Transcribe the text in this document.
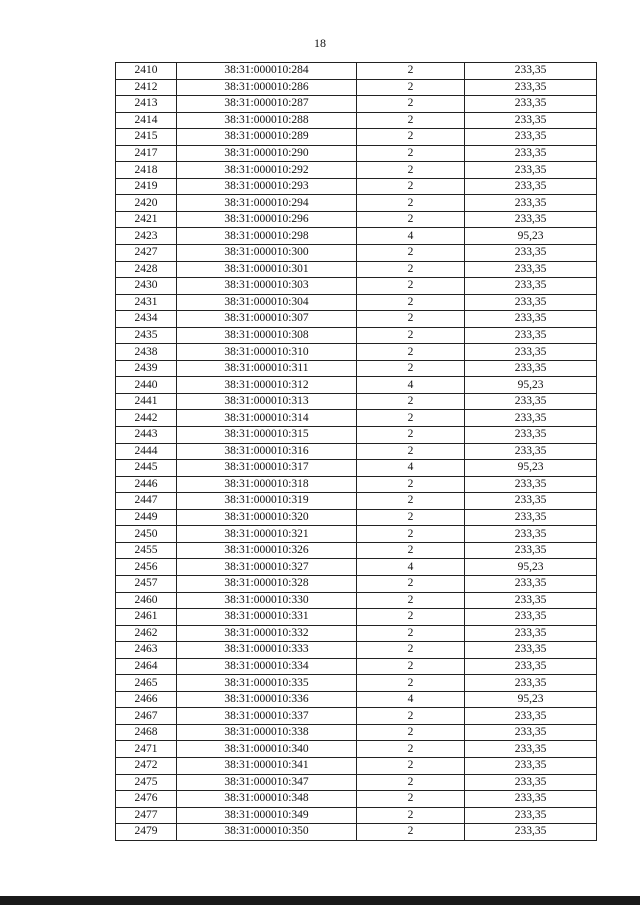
18
2410	38:31:000010:284	2	233,35
2412	38:31:000010:286	2	233,35
2413	38:31:000010:287	2	233,35
2414	38:31:000010:288	2	233,35
2415	38:31:000010:289	2	233,35
2417	38:31:000010:290	2	233,35
2418	38:31:000010:292	2	233,35
2419	38:31:000010:293	2	233,35
2420	38:31:000010:294	2	233,35
2421	38:31:000010:296	2	233,35
2423	38:31:000010:298	4	95,23
2427	38:31:000010:300	2	233,35
2428	38:31:000010:301	2	233,35
2430	38:31:000010:303	2	233,35
2431	38:31:000010:304	2	233,35
2434	38:31:000010:307	2	233,35
2435	38:31:000010:308	2	233,35
2438	38:31:000010:310	2	233,35
2439	38:31:000010:311	2	233,35
2440	38:31:000010:312	4	95,23
2441	38:31:000010:313	2	233,35
2442	38:31:000010:314	2	233,35
2443	38:31:000010:315	2	233,35
2444	38:31:000010:316	2	233,35
2445	38:31:000010:317	4	95,23
2446	38:31:000010:318	2	233,35
2447	38:31:000010:319	2	233,35
2449	38:31:000010:320	2	233,35
2450	38:31:000010:321	2	233,35
2455	38:31:000010:326	2	233,35
2456	38:31:000010:327	4	95,23
2457	38:31:000010:328	2	233,35
2460	38:31:000010:330	2	233,35
2461	38:31:000010:331	2	233,35
2462	38:31:000010:332	2	233,35
2463	38:31:000010:333	2	233,35
2464	38:31:000010:334	2	233,35
2465	38:31:000010:335	2	233,35
2466	38:31:000010:336	4	95,23
2467	38:31:000010:337	2	233,35
2468	38:31:000010:338	2	233,35
2471	38:31:000010:340	2	233,35
2472	38:31:000010:341	2	233,35
2475	38:31:000010:347	2	233,35
2476	38:31:000010:348	2	233,35
2477	38:31:000010:349	2	233,35
2479	38:31:000010:350	2	233,35
